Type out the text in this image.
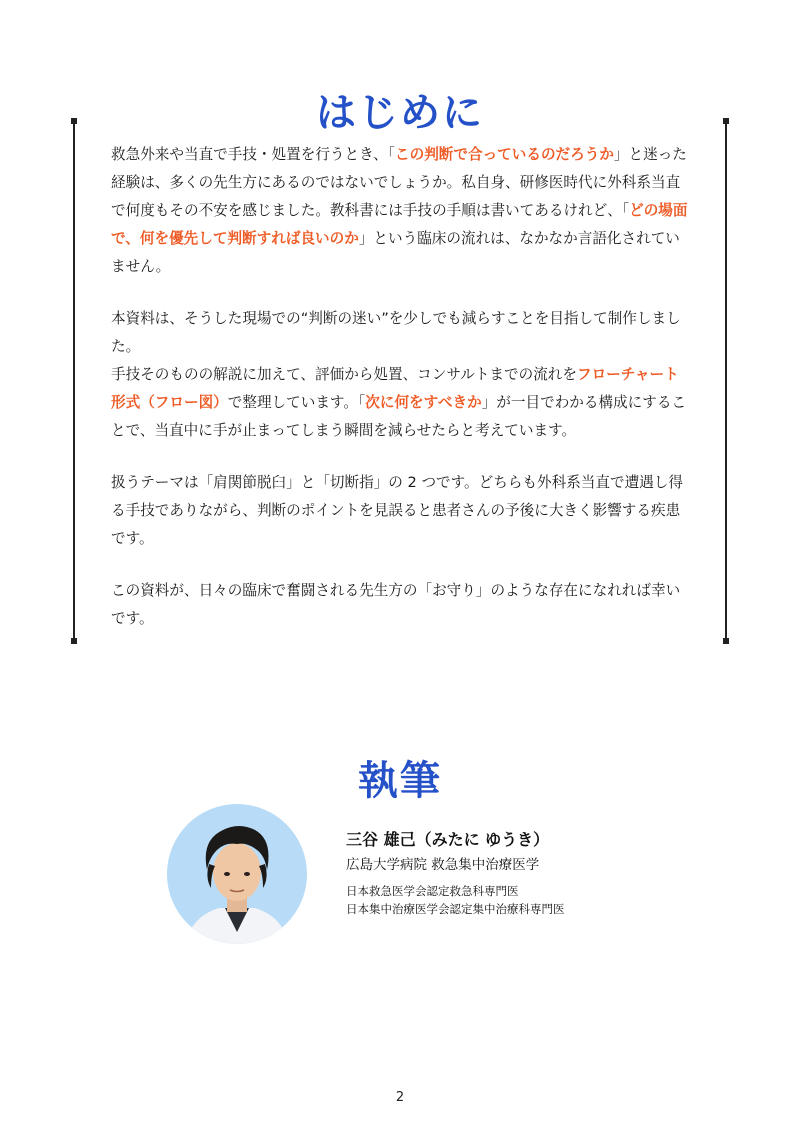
はじめに

救急外来や当直で手技・処置を行うとき、「この判断で合っているのだろうか」と迷った経験は、多くの先生方にあるのではないでしょうか。私自身、研修医時代に外科系当直で何度もその不安を感じました。教科書には手技の手順は書いてあるけれど、「どの場面で、何を優先して判断すれば良いのか」という臨床の流れは、なかなか言語化されていません。

本資料は、そうした現場での“判断の迷い”を少しでも減らすことを目指して制作しました。

手技そのものの解説に加えて、評価から処置、コンサルトまでの流れをフローチャート形式（フロー図）で整理しています。「次に何をすべきか」が一目でわかる構成にすることで、当直中に手が止まってしまう瞬間を減らせたらと考えています。

扱うテーマは「肩関節脱臼」と「切断指」の 2 つです。どちらも外科系当直で遭遇し得る手技でありながら、判断のポイントを見誤ると患者さんの予後に大きく影響する疾患です。

この資料が、日々の臨床で奮闘される先生方の「お守り」のような存在になれれば幸いです。

執筆
三谷 雄己（みたに ゆうき）
広島大学病院 救急集中治療医学
日本救急医学会認定救急科専門医
日本集中治療医学会認定集中治療科専門医
2
